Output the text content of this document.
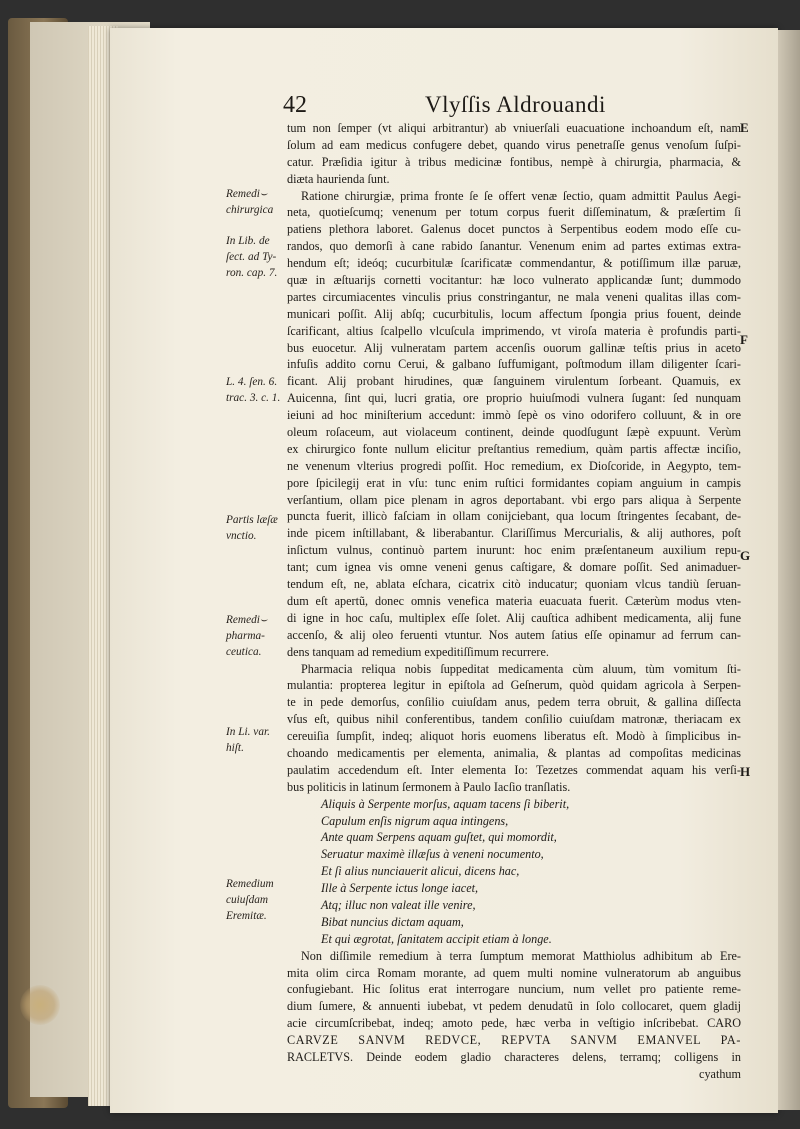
42	Vlyſſis Aldrouandi
Remedi⌣ chirurgica
In Lib. de ſect. ad Ty- ron. cap. 7.
L. 4. ſen. 6. trac. 3. c. 1.
Partis læſæ vnctio.
Remedi⌣ pharma- ceutica.
In Li. var. hiſt.
Remedium cuiuſdam Eremitæ.
E
F
G
H
tum non ſemper (vt aliqui arbitrantur) ab vniuerſali euacuatione inchoandum eſt, nam
ſolum ad eam medicus confugere debet, quando virus penetraſſe genus venoſum ſuſpi-
catur. Præſidia igitur à tribus medicinæ fontibus, nempè à chirurgia, pharmacia, &
diæta haurienda ſunt.
Ratione chirurgiæ, prima fronte ſe ſe offert venæ ſectio, quam admittit Paulus Aegi-
neta, quotieſcumq; venenum per totum corpus fuerit diſſeminatum, & præſertim ſi
patiens plethora laboret. Galenus docet punctos à Serpentibus eodem modo eſſe cu-
randos, quo demorſi à cane rabido ſanantur. Venenum enim ad partes extimas extra-
hendum eſt; ideóq; cucurbitulæ ſcarificatæ commendantur, & potiſſimum illæ paruæ,
quæ in æſtuarijs cornetti vocitantur: hæ loco vulnerato applicandæ ſunt; dummodo
partes circumiacentes vinculis prius constringantur, ne mala veneni qualitas illas com-
municari poſſit. Alij abſq; cucurbitulis, locum affectum ſpongia prius fouent, deinde
ſcarificant, altius ſcalpello vlcuſcula imprimendo, vt viroſa materia è profundis parti-
bus euocetur. Alij vulneratam partem accenſis ouorum gallinæ teſtis prius in aceto
infuſis addito cornu Cerui, & galbano ſuffumigant, poſtmodum illam diligenter ſcari-
ficant. Alij probant hirudines, quæ ſanguinem virulentum ſorbeant. Quamuis, ex
Auicenna, ſint qui, lucri gratia, ore proprio huiuſmodi vulnera ſugant: ſed nunquam
ieiuni ad hoc miniſterium accedunt: immò ſepè os vino odorifero colluunt, & in ore
oleum roſaceum, aut violaceum continent, deinde quodſugunt ſæpè expuunt. Verùm
ex chirurgico fonte nullum elicitur preſtantius remedium, quàm partis affectæ inciſio,
ne venenum vlterius progredi poſſit. Hoc remedium, ex Dioſcoride, in Aegypto, tem-
pore ſpicilegij erat in vſu: tunc enim ruſtici formidantes copiam anguium in campis
verſantium, ollam pice plenam in agros deportabant. vbi ergo pars aliqua à Serpente
puncta fuerit, illicò faſciam in ollam conijciebant, qua locum ſtringentes ſecabant, de-
inde picem inſtillabant, & liberabantur. Clariſſimus Mercurialis, & alij authores, poſt
inſictum vulnus, continuò partem inurunt: hoc enim præſentaneum auxilium repu-
tant; cum ignea vis omne veneni genus caſtigare, & domare poſſit. Sed animaduer-
tendum eſt, ne, ablata eſchara, cicatrix citò inducatur; quoniam vlcus tandiù ſeruan-
dum eſt apertũ, donec omnis venefica materia euacuata fuerit. Cæterùm modus vten-
di igne in hoc caſu, multiplex eſſe ſolet. Alij cauſtica adhibent medicamenta, alij fune
accenſo, & alij oleo feruenti vtuntur. Nos autem ſatius eſſe opinamur ad ferrum can-
dens tanquam ad remedium expeditiſſimum recurrere.
Pharmacia reliqua nobis ſuppeditat medicamenta cùm aluum, tùm vomitum ſti-
mulantia: propterea legitur in epiſtola ad Geſnerum, quòd quidam agricola à Serpen-
te in pede demorſus, conſilio cuiuſdam anus, pedem terra obruit, & gallina diſſecta
vſus eſt, quibus nihil conferentibus, tandem conſilio cuiuſdam matronæ, theriacam ex
cereuiſia ſumpſit, indeq; aliquot horis euomens liberatus eſt. Modò à ſimplicibus in-
choando medicamentis per elementa, animalia, & plantas ad compoſitas medicinas
paulatim accedendum eſt. Inter elementa Io: Tezetzes commendat aquam his verſi-
bus politicis in latinum ſermonem à Paulo Iacſio tranſlatis.
Aliquis à Serpente morſus, aquam tacens ſi biberit,
Capulum enſis nigrum aqua intingens,
Ante quam Serpens aquam guſtet, qui momordit,
Seruatur maximè illæſus à veneni nocumento,
Et ſi alius nunciauerit alicui, dicens hac,
Ille à Serpente ictus longe iacet,
Atq; illuc non valeat ille venire,
Bibat nuncius dictam aquam,
Et qui ægrotat, ſanitatem accipit etiam à longe.
Non diſſimile remedium à terra ſumptum memorat Matthiolus adhibitum ab Ere-
mita olim circa Romam morante, ad quem multi nomine vulneratorum ab anguibus
confugiebant. Hic ſolitus erat interrogare nuncium, num vellet pro patiente reme-
dium ſumere, & annuenti iubebat, vt pedem denudatũ in ſolo collocaret, quem gladij
acie circumſcribebat, indeq; amoto pede, hæc verba in veſtigio inſcribebat. CARO
CARVZE SANVM REDVCE, REPVTA SANVM EMANVEL PA-
RACLETVS. Deinde eodem gladio characteres delens, terramq; colligens in
cyathum
